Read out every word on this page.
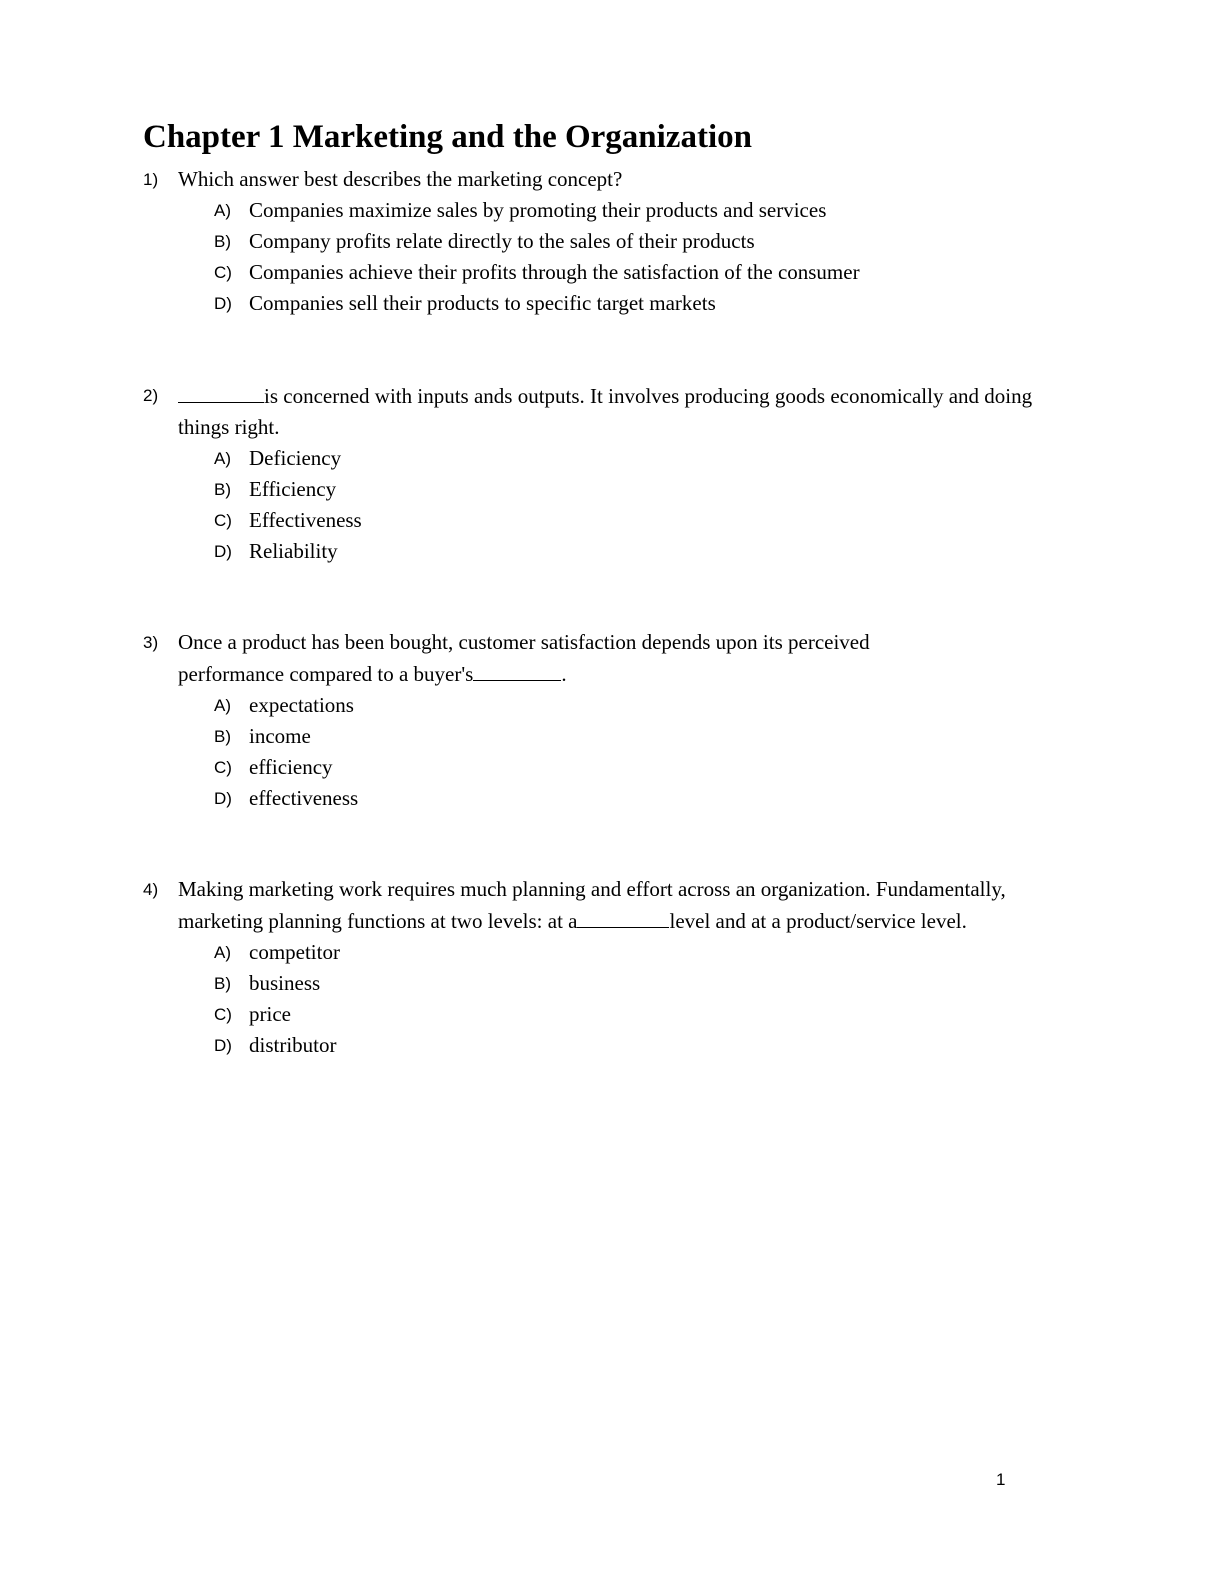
Chapter 1 Marketing and the Organization
1) Which answer best describes the marketing concept?
A) Companies maximize sales by promoting their products and services
B) Company profits relate directly to the sales of their products
C) Companies achieve their profits through the satisfaction of the consumer
D) Companies sell their products to specific target markets
2)	is concerned with inputs ands outputs. It involves producing goods economically and doing things right.
A) Deficiency
B) Efficiency
C) Effectiveness
D) Reliability
3) Once a product has been bought, customer satisfaction depends upon its perceived performance compared to a buyer's	.
A) expectations
B) income
C) efficiency
D) effectiveness
4) Making marketing work requires much planning and effort across an organization. Fundamentally, marketing planning functions at two levels: at a	level and at a product/service level.
A) competitor
B) business
C) price
D) distributor
1
